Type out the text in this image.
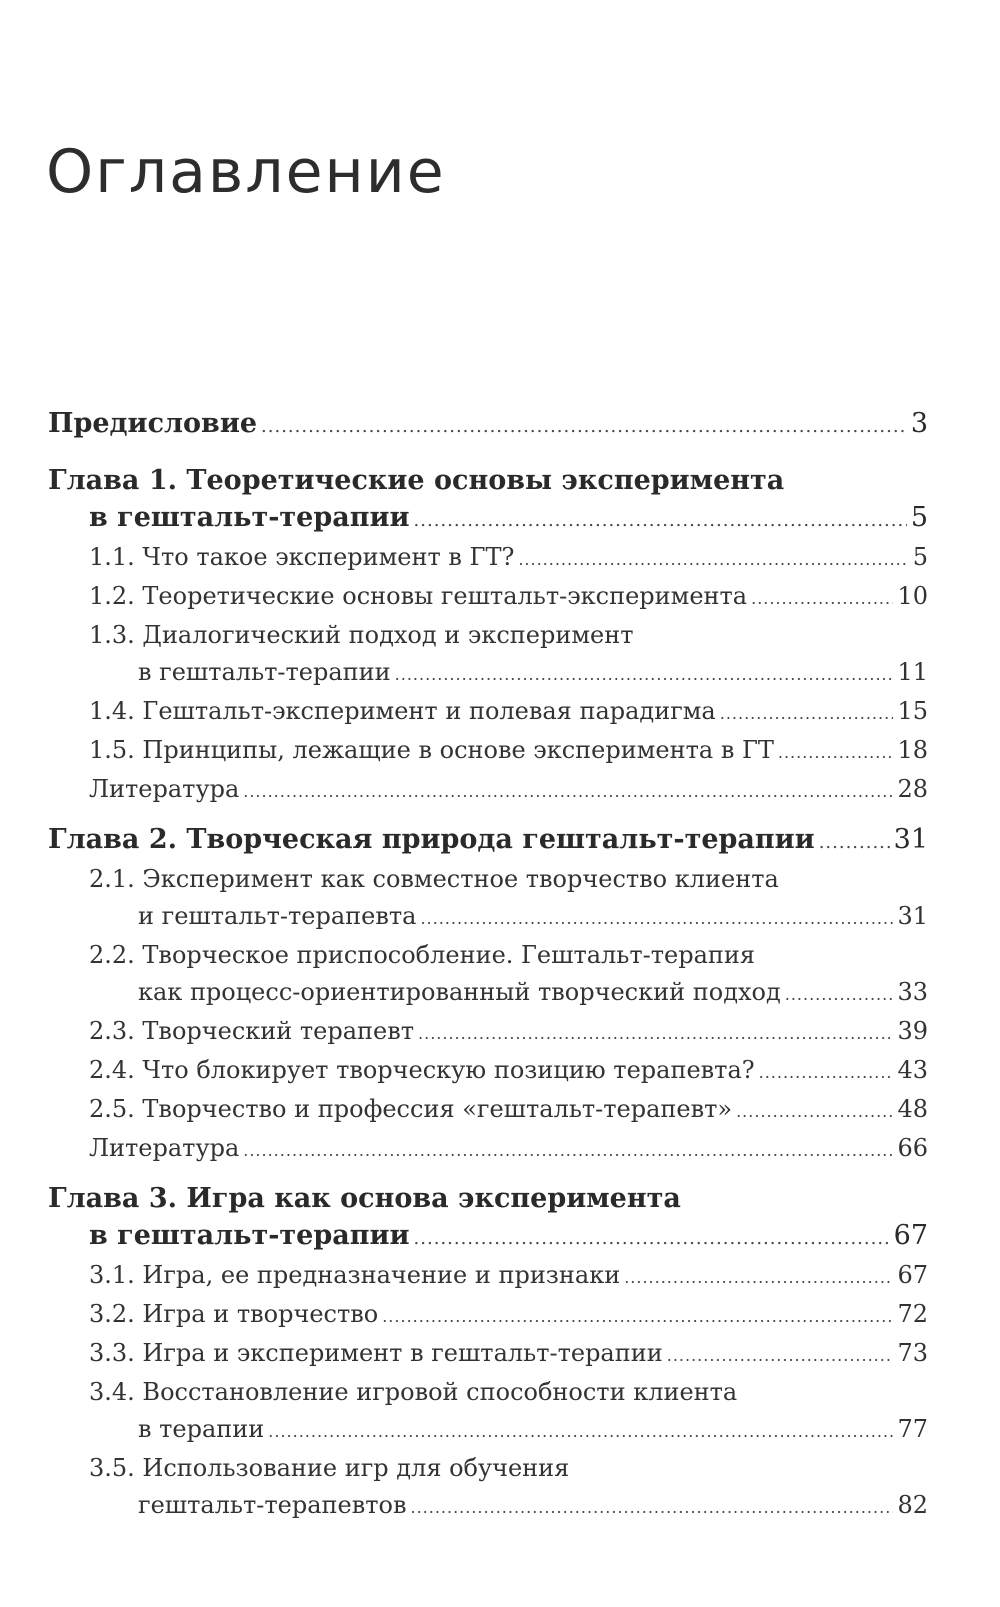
Оглавление
Предисловие .....	3
Глава 1. Теоретические основы эксперимента
в гештальт-терапии .....	5
1.1. Что такое эксперимент в ГТ? .....	5
1.2. Теоретические основы гештальт-эксперимента .....	10
1.3. Диалогический подход и эксперимент
в гештальт-терапии .....	11
1.4. Гештальт-эксперимент и полевая парадигма .....	15
1.5. Принципы, лежащие в основе эксперимента в ГТ .....	18
Литература .....	28
Глава 2. Творческая природа гештальт-терапии .....	31
2.1. Эксперимент как совместное творчество клиента
и гештальт-терапевта .....	31
2.2. Творческое приспособление. Гештальт-терапия
как процесс-ориентированный творческий подход .....	33
2.3. Творческий терапевт .....	39
2.4. Что блокирует творческую позицию терапевта? .....	43
2.5. Творчество и профессия «гештальт-терапевт» .....	48
Литература .....	66
Глава 3. Игра как основа эксперимента
в гештальт-терапии .....	67
3.1. Игра, ее предназначение и признаки .....	67
3.2. Игра и творчество .....	72
3.3. Игра и эксперимент в гештальт-терапии .....	73
3.4. Восстановление игровой способности клиента
в терапии .....	77
3.5. Использование игр для обучения
гештальт-терапевтов .....	82
